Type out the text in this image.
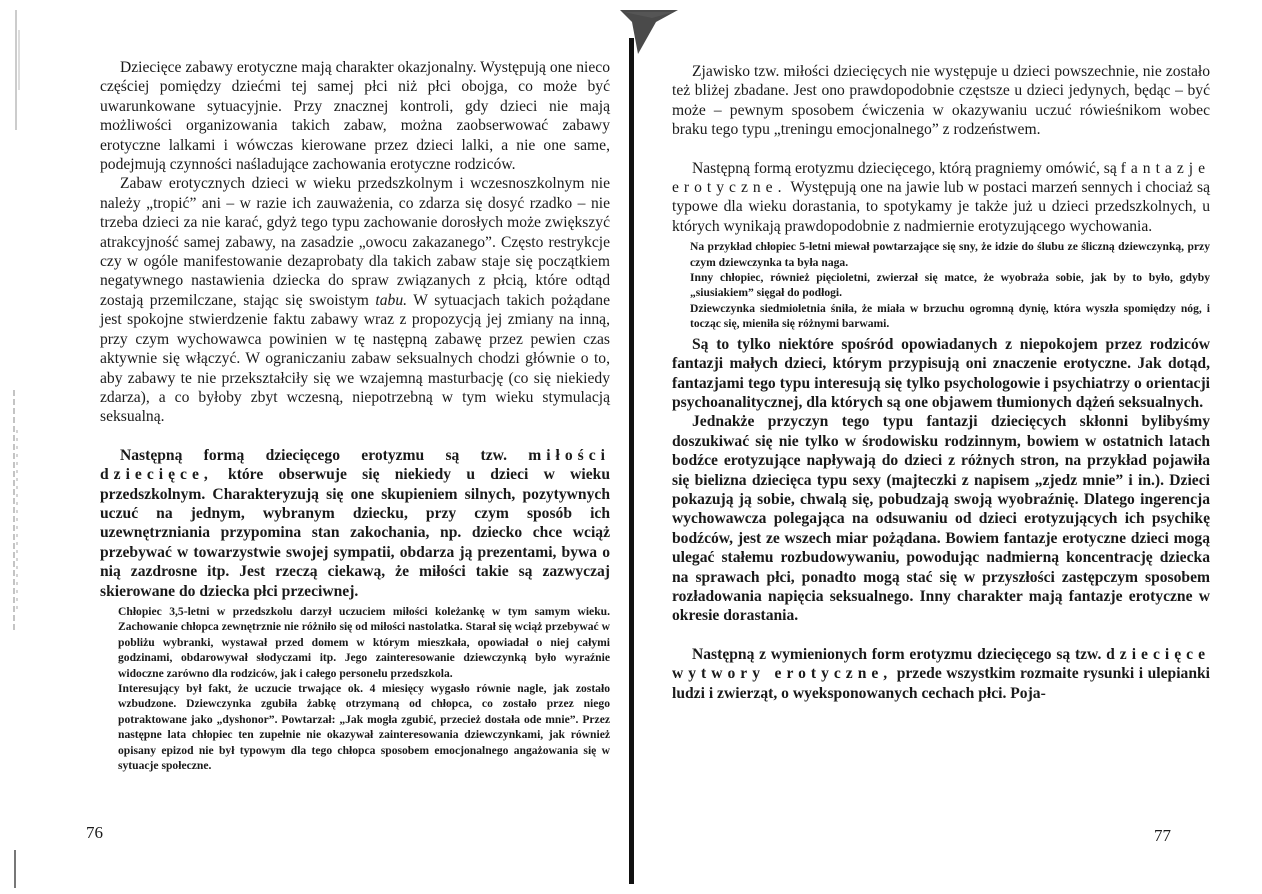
Dziecięce zabawy erotyczne mają charakter okazjonalny. Występują one nieco częściej pomiędzy dziećmi tej samej płci niż płci obojga, co może być uwarunkowane sytuacyjnie. Przy znacznej kontroli, gdy dzieci nie mają możliwości organizowania takich zabaw, można zaobserwować zabawy erotyczne lalkami i wówczas kierowane przez dzieci lalki, a nie one same, podejmują czynności naśladujące zachowania erotyczne rodziców.

Zabaw erotycznych dzieci w wieku przedszkolnym i wczesnoszkolnym nie należy „tropić” ani – w razie ich zauważenia, co zdarza się dosyć rzadko – nie trzeba dzieci za nie karać, gdyż tego typu zachowanie dorosłych może zwiększyć atrakcyjność samej zabawy, na zasadzie „owocu zakazanego”. Często restrykcje czy w ogóle manifestowanie dezaprobaty dla takich zabaw staje się początkiem negatywnego nastawienia dziecka do spraw związanych z płcią, które odtąd zostają przemilczane, stając się swoistym tabu. W sytuacjach takich pożądane jest spokojne stwierdzenie faktu zabawy wraz z propozycją jej zmiany na inną, przy czym wychowawca powinien w tę następną zabawę przez pewien czas aktywnie się włączyć. W ograniczaniu zabaw seksualnych chodzi głównie o to, aby zabawy te nie przekształciły się we wzajemną masturbację (co się niekiedy zdarza), a co byłoby zbyt wczesną, niepotrzebną w tym wieku stymulacją seksualną.

Następną formą dziecięcego erotyzmu są tzw. miłości dziecięce, które obserwuje się niekiedy u dzieci w wieku przedszkolnym. Charakteryzują się one skupieniem silnych, pozytywnych uczuć na jednym, wybranym dziecku, przy czym sposób ich uzewnętrzniania przypomina stan zakochania, np. dziecko chce wciąż przebywać w towarzystwie swojej sympatii, obdarza ją prezentami, bywa o nią zazdrosne itp. Jest rzeczą ciekawą, że miłości takie są zazwyczaj skierowane do dziecka płci przeciwnej.

Chłopiec 3,5-letni w przedszkolu darzył uczuciem miłości koleżankę w tym samym wieku. Zachowanie chłopca zewnętrznie nie różniło się od miłości nastolatka. Starał się wciąż przebywać w pobliżu wybranki, wystawał przed domem w którym mieszkała, opowiadał o niej całymi godzinami, obdarowywał słodyczami itp. Jego zainteresowanie dziewczynką było wyraźnie widoczne zarówno dla rodziców, jak i całego personelu przedszkola.

Interesujący był fakt, że uczucie trwające ok. 4 miesięcy wygasło równie nagle, jak zostało wzbudzone. Dziewczynka zgubiła żabkę otrzymaną od chłopca, co zostało przez niego potraktowane jako „dyshonor”. Powtarzał: „Jak mogła zgubić, przecież dostała ode mnie”. Przez następne lata chłopiec ten zupełnie nie okazywał zainteresowania dziewczynkami, jak również opisany epizod nie był typowym dla tego chłopca sposobem emocjonalnego angażowania się w sytuacje społeczne.

76

Zjawisko tzw. miłości dziecięcych nie występuje u dzieci powszechnie, nie zostało też bliżej zbadane. Jest ono prawdopodobnie częstsze u dzieci jedynych, będąc – być może – pewnym sposobem ćwiczenia w okazywaniu uczuć rówieśnikom wobec braku tego typu „treningu emocjonalnego” z rodzeństwem.

Następną formą erotyzmu dziecięcego, którą pragniemy omówić, są fantazje erotyczne. Występują one na jawie lub w postaci marzeń sennych i chociaż są typowe dla wieku dorastania, to spotykamy je także już u dzieci przedszkolnych, u których wynikają prawdopodobnie z nadmiernie erotyzującego wychowania.

Na przykład chłopiec 5-letni miewał powtarzające się sny, że idzie do ślubu ze śliczną dziewczynką, przy czym dziewczynka ta była naga.

Inny chłopiec, również pięcioletni, zwierzał się matce, że wyobraża sobie, jak by to było, gdyby „siusiakiem” sięgał do podłogi.

Dziewczynka siedmioletnia śniła, że miała w brzuchu ogromną dynię, która wyszła spomiędzy nóg, i tocząc się, mieniła się różnymi barwami.

Są to tylko niektóre spośród opowiadanych z niepokojem przez rodziców fantazji małych dzieci, którym przypisują oni znaczenie erotyczne. Jak dotąd, fantazjami tego typu interesują się tylko psychologowie i psychiatrzy o orientacji psychoanalitycznej, dla których są one objawem tłumionych dążeń seksualnych.

Jednakże przyczyn tego typu fantazji dziecięcych skłonni bylibyśmy doszukiwać się nie tylko w środowisku rodzinnym, bowiem w ostatnich latach bodźce erotyzujące napływają do dzieci z różnych stron, na przykład pojawiła się bielizna dziecięca typu sexy (majteczki z napisem „zjedz mnie” i in.). Dzieci pokazują ją sobie, chwalą się, pobudzają swoją wyobraźnię. Dlatego ingerencja wychowawcza polegająca na odsuwaniu od dzieci erotyzujących ich psychikę bodźców, jest ze wszech miar pożądana. Bowiem fantazje erotyczne dzieci mogą ulegać stałemu rozbudowywaniu, powodując nadmierną koncentrację dziecka na sprawach płci, ponadto mogą stać się w przyszłości zastępczym sposobem rozładowania napięcia seksualnego. Inny charakter mają fantazje erotyczne w okresie dorastania.

Następną z wymienionych form erotyzmu dziecięcego są tzw. dziecięce wytwory erotyczne, przede wszystkim rozmaite rysunki i ulepianki ludzi i zwierząt, o wyeksponowanych cechach płci. Poja-

77
